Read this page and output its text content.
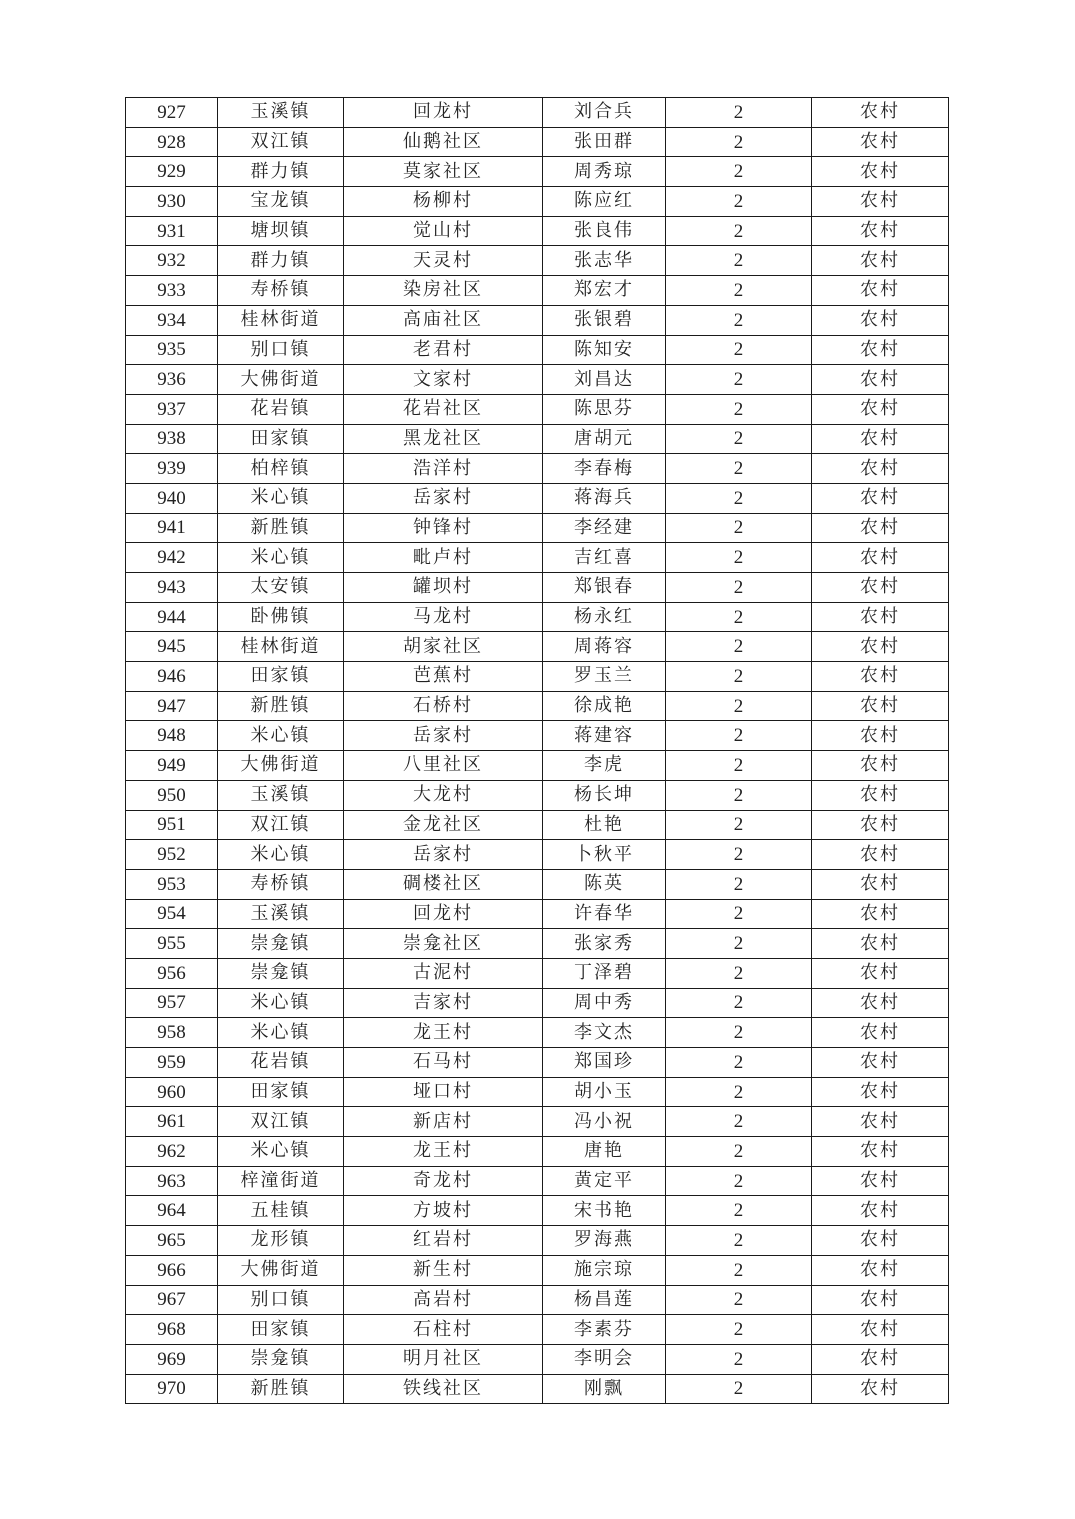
927	玉溪镇	回龙村	刘合兵	2	农村
928	双江镇	仙鹅社区	张田群	2	农村
929	群力镇	莫家社区	周秀琼	2	农村
930	宝龙镇	杨柳村	陈应红	2	农村
931	塘坝镇	觉山村	张良伟	2	农村
932	群力镇	天灵村	张志华	2	农村
933	寿桥镇	染房社区	郑宏才	2	农村
934	桂林街道	高庙社区	张银碧	2	农村
935	别口镇	老君村	陈知安	2	农村
936	大佛街道	文家村	刘昌达	2	农村
937	花岩镇	花岩社区	陈思芬	2	农村
938	田家镇	黑龙社区	唐胡元	2	农村
939	柏梓镇	浩洋村	李春梅	2	农村
940	米心镇	岳家村	蒋海兵	2	农村
941	新胜镇	钟锋村	李经建	2	农村
942	米心镇	毗卢村	吉红喜	2	农村
943	太安镇	罐坝村	郑银春	2	农村
944	卧佛镇	马龙村	杨永红	2	农村
945	桂林街道	胡家社区	周蒋容	2	农村
946	田家镇	芭蕉村	罗玉兰	2	农村
947	新胜镇	石桥村	徐成艳	2	农村
948	米心镇	岳家村	蒋建容	2	农村
949	大佛街道	八里社区	李虎	2	农村
950	玉溪镇	大龙村	杨长坤	2	农村
951	双江镇	金龙社区	杜艳	2	农村
952	米心镇	岳家村	卜秋平	2	农村
953	寿桥镇	碉楼社区	陈英	2	农村
954	玉溪镇	回龙村	许春华	2	农村
955	崇龛镇	崇龛社区	张家秀	2	农村
956	崇龛镇	古泥村	丁泽碧	2	农村
957	米心镇	吉家村	周中秀	2	农村
958	米心镇	龙王村	李文杰	2	农村
959	花岩镇	石马村	郑国珍	2	农村
960	田家镇	垭口村	胡小玉	2	农村
961	双江镇	新店村	冯小祝	2	农村
962	米心镇	龙王村	唐艳	2	农村
963	梓潼街道	奇龙村	黄定平	2	农村
964	五桂镇	方坡村	宋书艳	2	农村
965	龙形镇	红岩村	罗海燕	2	农村
966	大佛街道	新生村	施宗琼	2	农村
967	别口镇	高岩村	杨昌莲	2	农村
968	田家镇	石柱村	李素芬	2	农村
969	崇龛镇	明月社区	李明会	2	农村
970	新胜镇	铁线社区	刚飘	2	农村
